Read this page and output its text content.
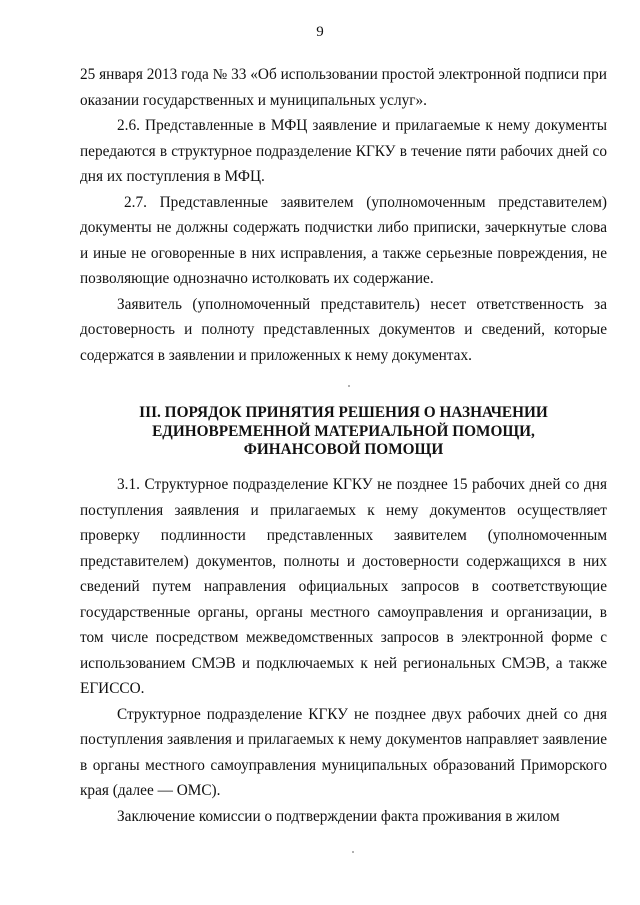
9

25 января 2013 года № 33 «Об использовании простой электронной подписи при оказании государственных и муниципальных услуг».

2.6. Представленные в МФЦ заявление и прилагаемые к нему документы передаются в структурное подразделение КГКУ в течение пяти рабочих дней со дня их поступления в МФЦ.

2.7. Представленные заявителем (уполномоченным представителем) документы не должны содержать подчистки либо приписки, зачеркнутые слова и иные не оговоренные в них исправления, а также серьезные повреждения, не позволяющие однозначно истолковать их содержание.

Заявитель (уполномоченный представитель) несет ответственность за достоверность и полноту представленных документов и сведений, которые содержатся в заявлении и приложенных к нему документах.

III. ПОРЯДОК ПРИНЯТИЯ РЕШЕНИЯ О НАЗНАЧЕНИИ
ЕДИНОВРЕМЕННОЙ МАТЕРИАЛЬНОЙ ПОМОЩИ,
ФИНАНСОВОЙ ПОМОЩИ

3.1. Структурное подразделение КГКУ не позднее 15 рабочих дней со дня поступления заявления и прилагаемых к нему документов осуществляет проверку подлинности представленных заявителем (уполномоченным представителем) документов, полноты и достоверности содержащихся в них сведений путем направления официальных запросов в соответствующие государственные органы, органы местного самоуправления и организации, в том числе посредством межведомственных запросов в электронной форме с использованием СМЭВ и подключаемых к ней региональных СМЭВ, а также ЕГИССО.

Структурное подразделение КГКУ не позднее двух рабочих дней со дня поступления заявления и прилагаемых к нему документов направляет заявление в органы местного самоуправления муниципальных образований Приморского края (далее — ОМС).

Заключение комиссии о подтверждении факта проживания в жилом
